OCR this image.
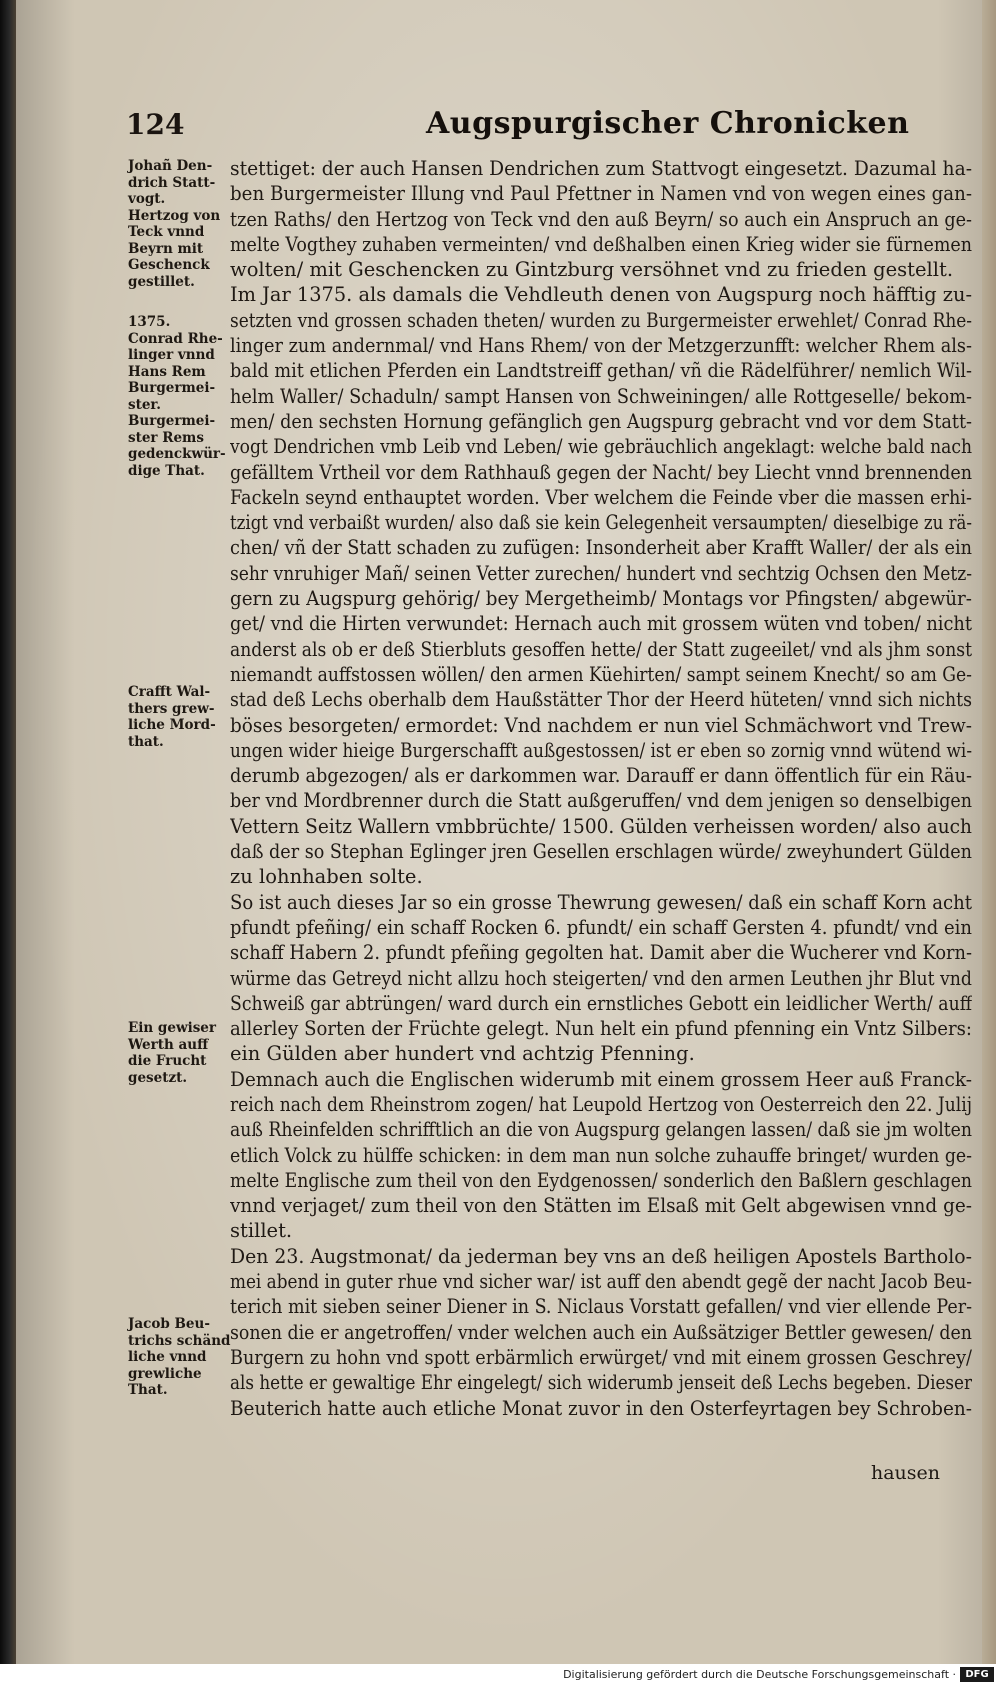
124	Augspurgischer Chronicken
Johañ Den-
drich Statt-
vogt.
Hertzog von
Teck vnnd
Beyrn mit
Geschenck
gestillet.
1375.
Conrad Rhe-
linger vnnd
Hans Rem
Burgermei-
ster.
Burgermei-
ster Rems
gedenckwür-
dige That.
Crafft Wal-
thers grew-
liche Mord-
that.
Ein gewiser
Werth auff
die Frucht
gesetzt.
Jacob Beu-
trichs schänd
liche vnnd
grewliche
That.
stettiget: der auch Hansen Dendrichen zum Stattvogt eingesetzt. Dazumal ha-
ben Burgermeister Illung vnd Paul Pfettner in Namen vnd von wegen eines gan-
tzen Raths/ den Hertzog von Teck vnd den auß Beyrn/ so auch ein Anspruch an ge-
melte Vogthey zuhaben vermeinten/ vnd deßhalben einen Krieg wider sie fürnemen
wolten/ mit Geschencken zu Gintzburg versöhnet vnd zu frieden gestellt.
Im Jar 1375. als damals die Vehdleuth denen von Augspurg noch häfftig zu-
setzten vnd grossen schaden theten/ wurden zu Burgermeister erwehlet/ Conrad Rhe-
linger zum andernmal/ vnd Hans Rhem/ von der Metzgerzunfft: welcher Rhem als-
bald mit etlichen Pferden ein Landtstreiff gethan/ vñ die Rädelführer/ nemlich Wil-
helm Waller/ Schaduln/ sampt Hansen von Schweiningen/ alle Rottgeselle/ bekom-
men/ den sechsten Hornung gefänglich gen Augspurg gebracht vnd vor dem Statt-
vogt Dendrichen vmb Leib vnd Leben/ wie gebräuchlich angeklagt: welche bald nach
gefälltem Vrtheil vor dem Rathhauß gegen der Nacht/ bey Liecht vnnd brennenden
Fackeln seynd enthauptet worden. Vber welchem die Feinde vber die massen erhi-
tzigt vnd verbaißt wurden/ also daß sie kein Gelegenheit versaumpten/ dieselbige zu rä-
chen/ vñ der Statt schaden zu zufügen: Insonderheit aber Krafft Waller/ der als ein
sehr vnruhiger Mañ/ seinen Vetter zurechen/ hundert vnd sechtzig Ochsen den Metz-
gern zu Augspurg gehörig/ bey Mergetheimb/ Montags vor Pfingsten/ abgewür-
get/ vnd die Hirten verwundet: Hernach auch mit grossem wüten vnd toben/ nicht
anderst als ob er deß Stierbluts gesoffen hette/ der Statt zugeeilet/ vnd als jhm sonst
niemandt auffstossen wöllen/ den armen Küehirten/ sampt seinem Knecht/ so am Ge-
stad deß Lechs oberhalb dem Haußstätter Thor der Heerd hüteten/ vnnd sich nichts
böses besorgeten/ ermordet: Vnd nachdem er nun viel Schmächwort vnd Trew-
ungen wider hieige Burgerschafft außgestossen/ ist er eben so zornig vnnd wütend wi-
derumb abgezogen/ als er darkommen war. Darauff er dann öffentlich für ein Räu-
ber vnd Mordbrenner durch die Statt außgeruffen/ vnd dem jenigen so denselbigen
Vettern Seitz Wallern vmbbrüchte/ 1500. Gülden verheissen worden/ also auch
daß der so Stephan Eglinger jren Gesellen erschlagen würde/ zweyhundert Gülden
zu lohnhaben solte.
So ist auch dieses Jar so ein grosse Thewrung gewesen/ daß ein schaff Korn acht
pfundt pfeñing/ ein schaff Rocken 6. pfundt/ ein schaff Gersten 4. pfundt/ vnd ein
schaff Habern 2. pfundt pfeñing gegolten hat. Damit aber die Wucherer vnd Korn-
würme das Getreyd nicht allzu hoch steigerten/ vnd den armen Leuthen jhr Blut vnd
Schweiß gar abtrüngen/ ward durch ein ernstliches Gebott ein leidlicher Werth/ auff
allerley Sorten der Früchte gelegt. Nun helt ein pfund pfenning ein Vntz Silbers:
ein Gülden aber hundert vnd achtzig Pfenning.
Demnach auch die Englischen widerumb mit einem grossem Heer auß Franck-
reich nach dem Rheinstrom zogen/ hat Leupold Hertzog von Oesterreich den 22. Julij
auß Rheinfelden schrifftlich an die von Augspurg gelangen lassen/ daß sie jm wolten
etlich Volck zu hülffe schicken: in dem man nun solche zuhauffe bringet/ wurden ge-
melte Englische zum theil von den Eydgenossen/ sonderlich den Baßlern geschlagen
vnnd verjaget/ zum theil von den Stätten im Elsaß mit Gelt abgewisen vnnd ge-
stillet.
Den 23. Augstmonat/ da jederman bey vns an deß heiligen Apostels Bartholo-
mei abend in guter rhue vnd sicher war/ ist auff den abendt gegẽ der nacht Jacob Beu-
terich mit sieben seiner Diener in S. Niclaus Vorstatt gefallen/ vnd vier ellende Per-
sonen die er angetroffen/ vnder welchen auch ein Außsätziger Bettler gewesen/ den
Burgern zu hohn vnd spott erbärmlich erwürget/ vnd mit einem grossen Geschrey/
als hette er gewaltige Ehr eingelegt/ sich widerumb jenseit deß Lechs begeben. Dieser
Beuterich hatte auch etliche Monat zuvor in den Osterfeyrtagen bey Schroben-
hausen
Digitalisierung gefördert durch die Deutsche Forschungsgemeinschaft · DFG
